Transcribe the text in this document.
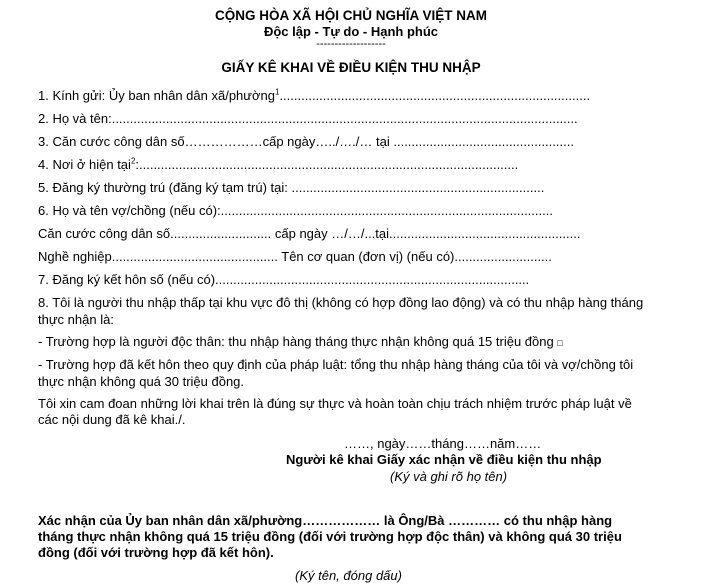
CỘNG HÒA XÃ HỘI CHỦ NGHĨA VIỆT NAM
Độc lập - Tự do - Hạnh phúc
-------------------
GIẤY KÊ KHAI VỀ ĐIỀU KIỆN THU NHẬP
1. Kính gửi: Ủy ban nhân dân xã/phường$^1$......................................................................................
2. Họ và tên:.................................................................................................................................
3. Căn cước công dân số………………cấp ngày…../…./… tại ..................................................
4. Nơi ở hiện tại$^2$:.........................................................................................................
5. Đăng ký thường trú (đăng ký tạm trú) tại: ......................................................................
6. Họ và tên vợ/chồng (nếu có):............................................................................................
Căn cước công dân số............................ cấp ngày …/…/...tại.....................................................
Nghề nghiệp.............................................. Tên cơ quan (đơn vị) (nếu có)...........................
7. Đăng ký kết hôn số (nếu có).......................................................................................
8. Tôi là người thu nhập thấp tại khu vực đô thị (không có hợp đồng lao động) và có thu nhập hàng tháng
thực nhận là:
- Trường hợp là người độc thân: thu nhập hàng tháng thực nhận không quá 15 triệu đồng □
- Trường hợp đã kết hôn theo quy định của pháp luật: tổng thu nhập hàng tháng của tôi và vợ/chồng tôi
thực nhận không quá 30 triệu đồng.
Tôi xin cam đoan những lời khai trên là đúng sự thực và hoàn toàn chịu trách nhiệm trước pháp luật về
các nội dung đã kê khai./.
……, ngày……tháng……năm……
Người kê khai Giấy xác nhận về điều kiện thu nhập
(Ký và ghi rõ họ tên)
Xác nhận của Ủy ban nhân dân xã/phường……………… là Ông/Bà ………… có thu nhập hàng
tháng thực nhận không quá 15 triệu đồng (đối với trường hợp độc thân) và không quá 30 triệu
đồng (đối với trường hợp đã kết hôn).
(Ký tên, đóng dấu)
